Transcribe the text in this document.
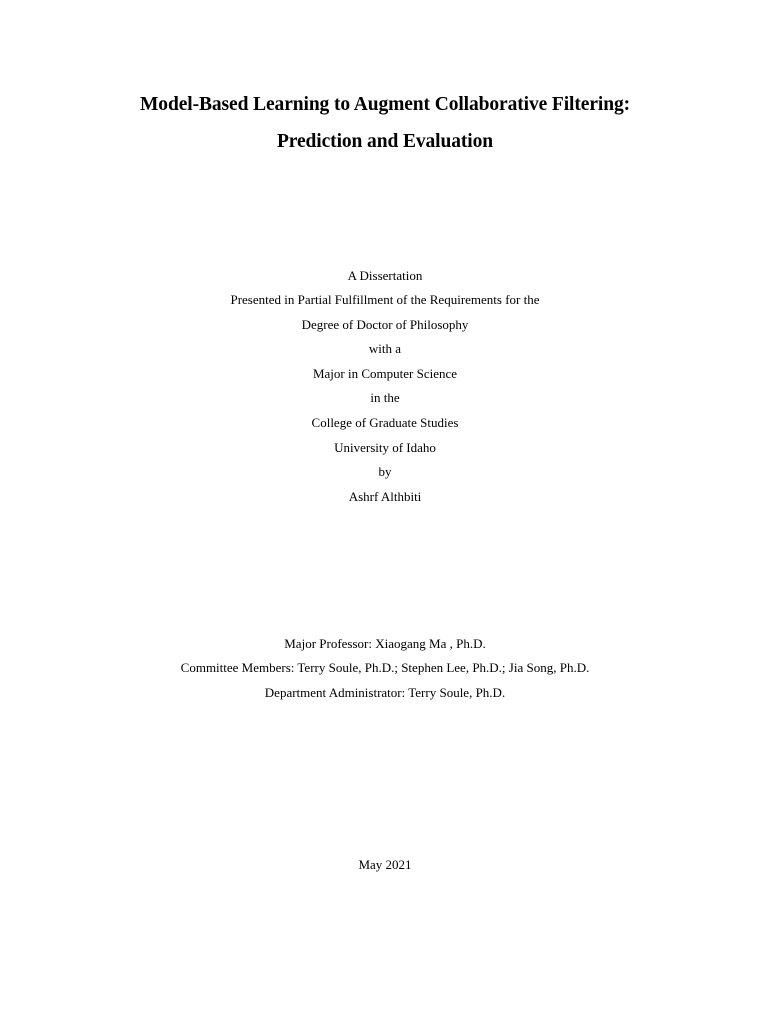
Model-Based Learning to Augment Collaborative Filtering:
Prediction and Evaluation
A Dissertation
Presented in Partial Fulfillment of the Requirements for the
Degree of Doctor of Philosophy
with a
Major in Computer Science
in the
College of Graduate Studies
University of Idaho
by
Ashrf Althbiti
Major Professor: Xiaogang Ma , Ph.D.
Committee Members: Terry Soule, Ph.D.; Stephen Lee, Ph.D.; Jia Song, Ph.D.
Department Administrator: Terry Soule, Ph.D.
May 2021
